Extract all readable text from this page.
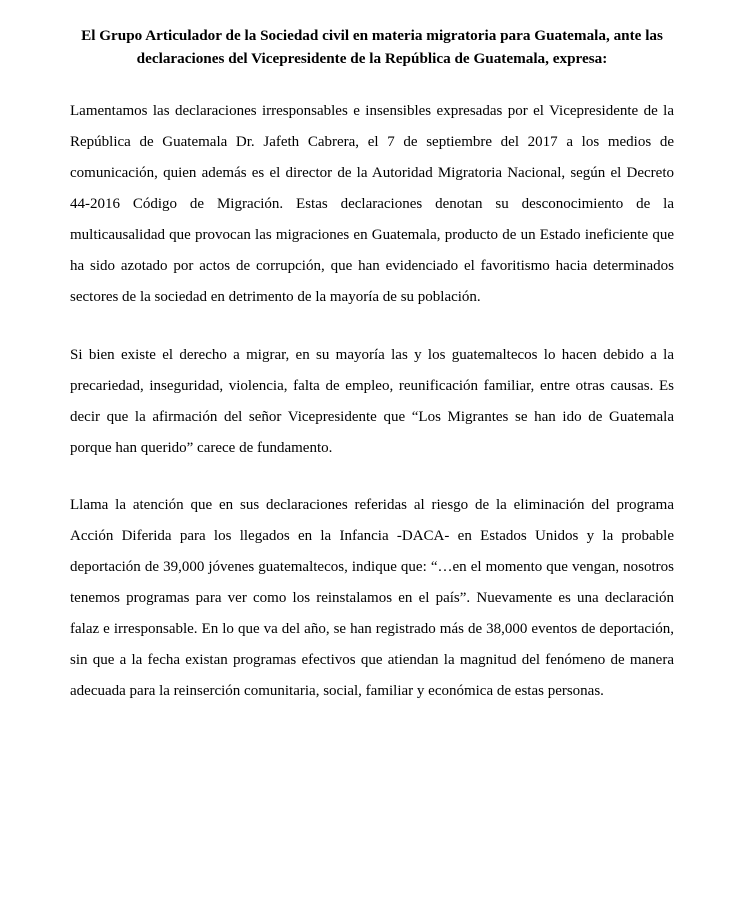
El Grupo Articulador de la Sociedad civil en materia migratoria para Guatemala, ante las declaraciones del Vicepresidente de la República de Guatemala, expresa:

Lamentamos las declaraciones irresponsables e insensibles expresadas por el Vicepresidente de la República de Guatemala Dr. Jafeth Cabrera, el 7 de septiembre del 2017 a los medios de comunicación, quien además es el director de la Autoridad Migratoria Nacional, según el Decreto 44-2016 Código de Migración. Estas declaraciones denotan su desconocimiento de la multicausalidad que provocan las migraciones en Guatemala, producto de un Estado ineficiente que ha sido azotado por actos de corrupción, que han evidenciado el favoritismo hacia determinados sectores de la sociedad en detrimento de la mayoría de su población.

Si bien existe el derecho a migrar, en su mayoría las y los guatemaltecos lo hacen debido a la precariedad, inseguridad, violencia, falta de empleo, reunificación familiar, entre otras causas. Es decir que la afirmación del señor Vicepresidente que “Los Migrantes se han ido de Guatemala porque han querido” carece de fundamento.

Llama la atención que en sus declaraciones referidas al riesgo de la eliminación del programa Acción Diferida para los llegados en la Infancia -DACA- en Estados Unidos y la probable deportación de 39,000 jóvenes guatemaltecos, indique que: “…en el momento que vengan, nosotros tenemos programas para ver como los reinstalamos en el país”. Nuevamente es una declaración falaz e irresponsable. En lo que va del año, se han registrado más de 38,000 eventos de deportación, sin que a la fecha existan programas efectivos que atiendan la magnitud del fenómeno de manera adecuada para la reinserción comunitaria, social, familiar y económica de estas personas.
